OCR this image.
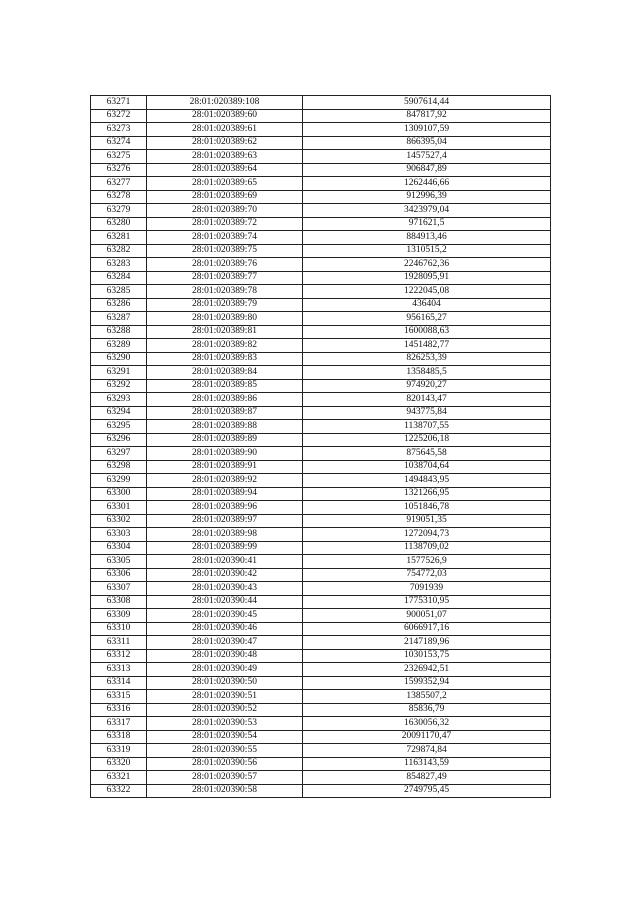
63271	28:01:020389:108	5907614,44
63272	28:01:020389:60	847817,92
63273	28:01:020389:61	1309107,59
63274	28:01:020389:62	866395,04
63275	28:01:020389:63	1457527,4
63276	28:01:020389:64	906847,89
63277	28:01:020389:65	1262446,66
63278	28:01:020389:69	912996,39
63279	28:01:020389:70	3423979,04
63280	28:01:020389:72	971621,5
63281	28:01:020389:74	884913,46
63282	28:01:020389:75	1310515,2
63283	28:01:020389:76	2246762,36
63284	28:01:020389:77	1928095,91
63285	28:01:020389:78	1222045,08
63286	28:01:020389:79	436404
63287	28:01:020389:80	956165,27
63288	28:01:020389:81	1600088,63
63289	28:01:020389:82	1451482,77
63290	28:01:020389:83	826253,39
63291	28:01:020389:84	1358485,5
63292	28:01:020389:85	974920,27
63293	28:01:020389:86	820143,47
63294	28:01:020389:87	943775,84
63295	28:01:020389:88	1138707,55
63296	28:01:020389:89	1225206,18
63297	28:01:020389:90	875645,58
63298	28:01:020389:91	1038704,64
63299	28:01:020389:92	1494843,95
63300	28:01:020389:94	1321266,95
63301	28:01:020389:96	1051846,78
63302	28:01:020389:97	919051,35
63303	28:01:020389:98	1272094,73
63304	28:01:020389:99	1138709,02
63305	28:01:020390:41	1577526,9
63306	28:01:020390:42	754772,03
63307	28:01:020390:43	7091939
63308	28:01:020390:44	1775310,95
63309	28:01:020390:45	900051,07
63310	28:01:020390:46	6066917,16
63311	28:01:020390:47	2147189,96
63312	28:01:020390:48	1030153,75
63313	28:01:020390:49	2326942,51
63314	28:01:020390:50	1599352,94
63315	28:01:020390:51	1385507,2
63316	28:01:020390:52	85836,79
63317	28:01:020390:53	1630056,32
63318	28:01:020390:54	20091170,47
63319	28:01:020390:55	729874,84
63320	28:01:020390:56	1163143,59
63321	28:01:020390:57	854827,49
63322	28:01:020390:58	2749795,45
